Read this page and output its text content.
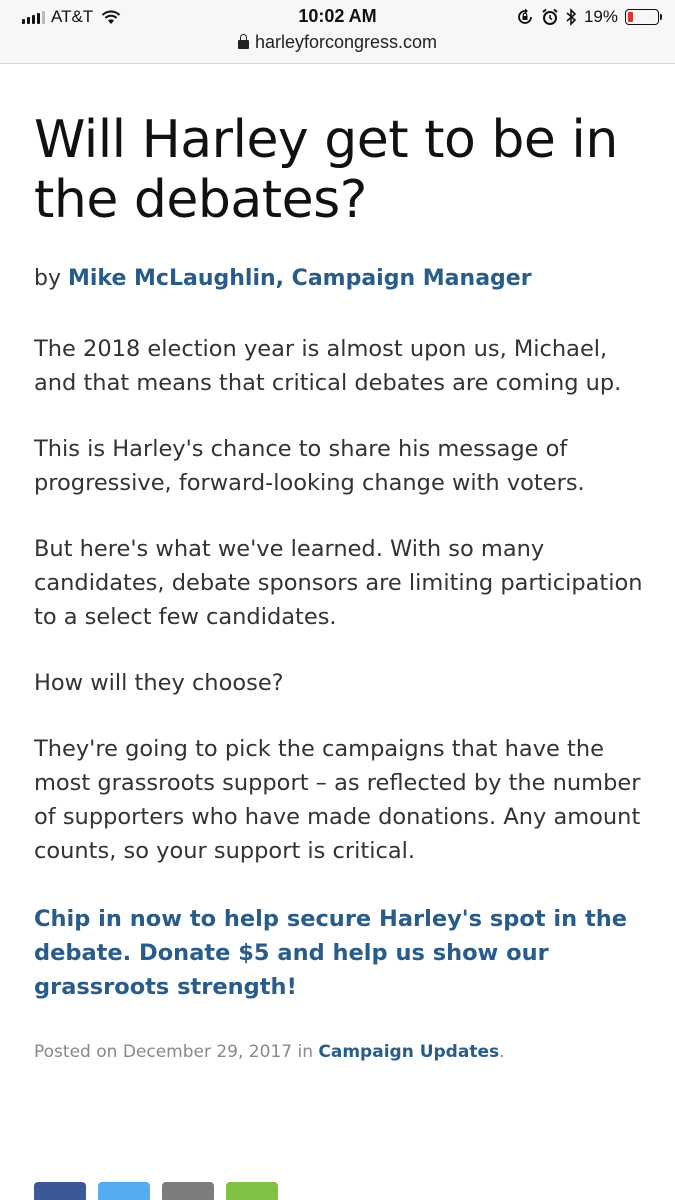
AT&T	10:02 AM	19%
harleyforcongress.com
Will Harley get to be in the debates?
by Mike McLaughlin, Campaign Manager

The 2018 election year is almost upon us, Michael, and that means that critical debates are coming up.

This is Harley's chance to share his message of progressive, forward-looking change with voters.

But here's what we've learned. With so many candidates, debate sponsors are limiting participation to a select few candidates.

How will they choose?

They're going to pick the campaigns that have the most grassroots support – as reflected by the number of supporters who have made donations. Any amount counts, so your support is critical.

Chip in now to help secure Harley's spot in the debate. Donate $5 and help us show our grassroots strength!

Posted on December 29, 2017 in Campaign Updates.
